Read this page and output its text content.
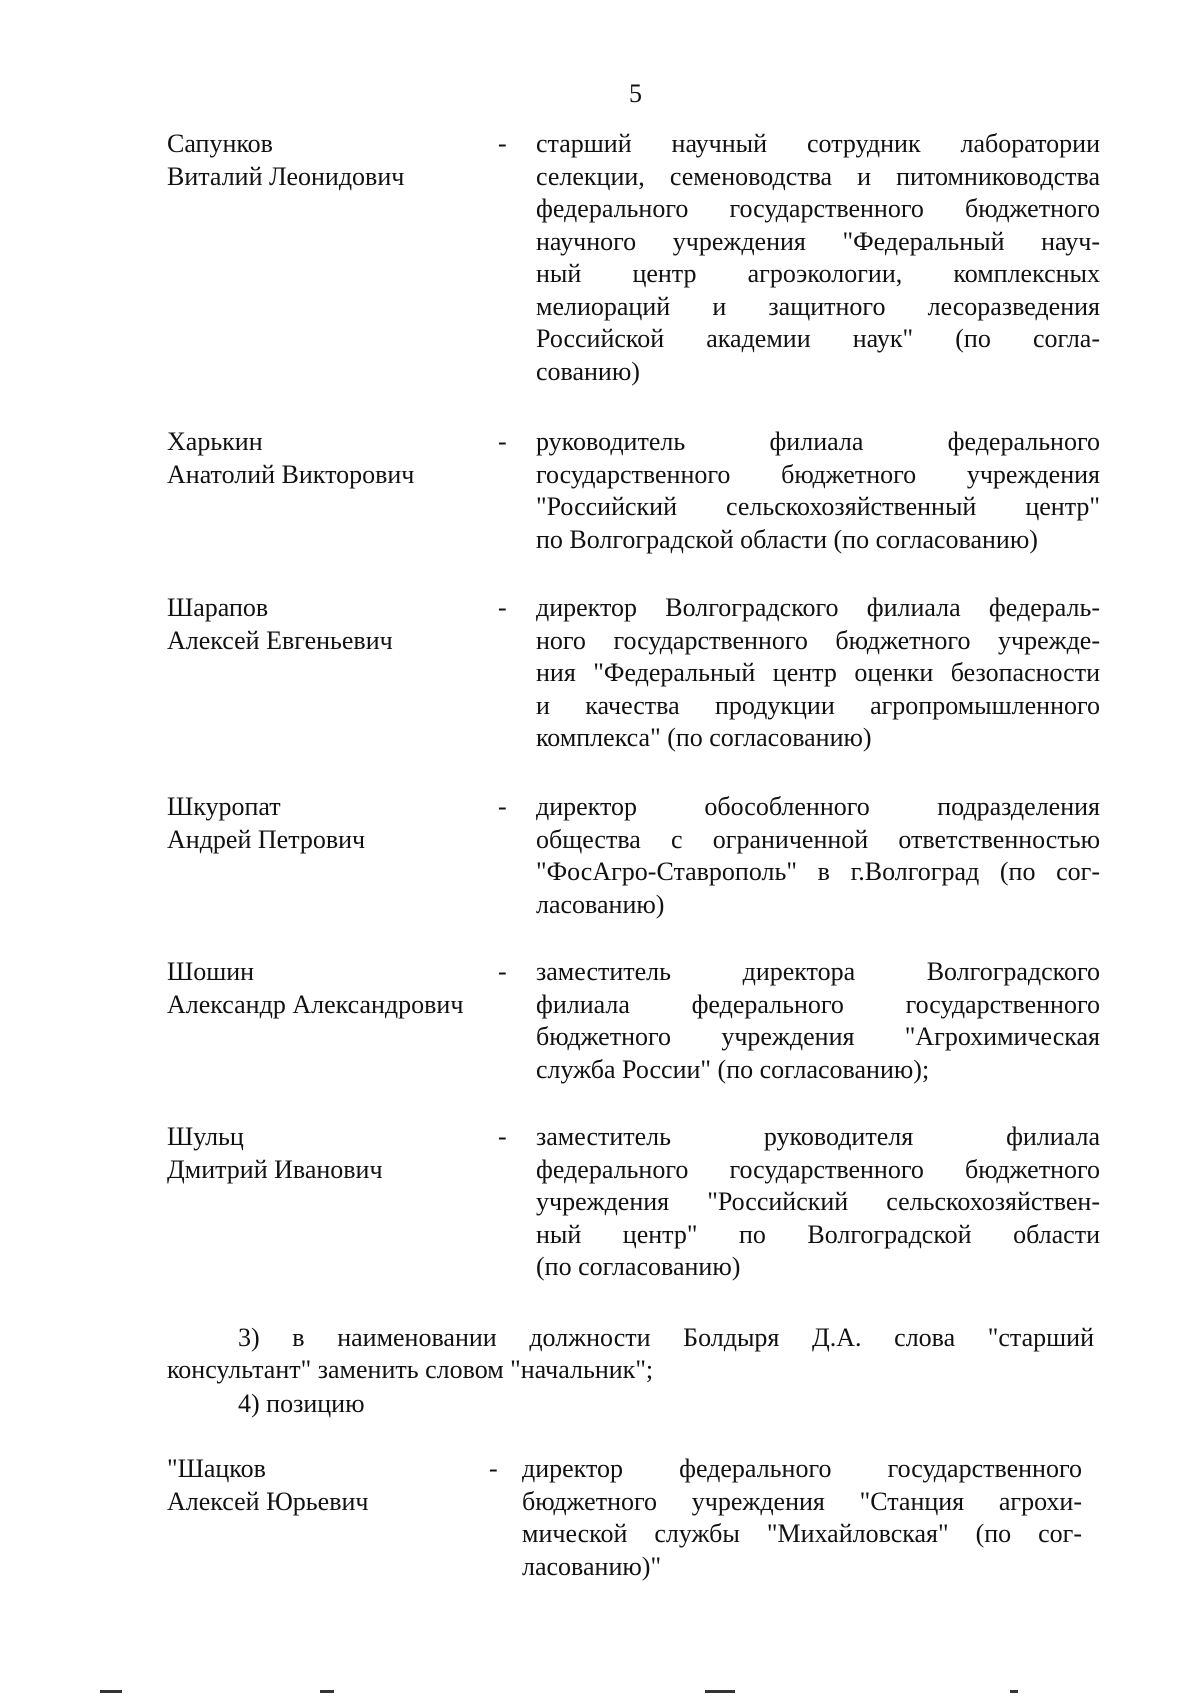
5
Сапунков
Виталий Леонидович
- старший научный сотрудник лаборатории
селекции, семеноводства и питомниководства
федерального государственного бюджетного
научного учреждения "Федеральный науч-
ный центр агроэкологии, комплексных
мелиораций и защитного лесоразведения
Российской академии наук" (по согла-
сованию)
Харькин
Анатолий Викторович
- руководитель филиала федерального
государственного бюджетного учреждения
"Российский сельскохозяйственный центр"
по Волгоградской области (по согласованию)
Шарапов
Алексей Евгеньевич
- директор Волгоградского филиала федераль-
ного государственного бюджетного учрежде-
ния "Федеральный центр оценки безопасности
и качества продукции агропромышленного
комплекса" (по согласованию)
Шкуропат
Андрей Петрович
- директор обособленного подразделения
общества с ограниченной ответственностью
"ФосАгро-Ставрополь" в г.Волгоград (по сог-
ласованию)
Шошин
Александр Александрович
- заместитель директора Волгоградского
филиала федерального государственного
бюджетного учреждения "Агрохимическая
служба России" (по согласованию);
Шульц
Дмитрий Иванович
- заместитель руководителя филиала
федерального государственного бюджетного
учреждения "Российский сельскохозяйствен-
ный центр" по Волгоградской области
(по согласованию)
3) в наименовании должности Болдыря Д.А. слова "старший
консультант" заменить словом "начальник";
4) позицию
"Шацков
Алексей Юрьевич
- директор федерального государственного
бюджетного учреждения "Станция агрохи-
мической службы "Михайловская" (по сог-
ласованию)"
